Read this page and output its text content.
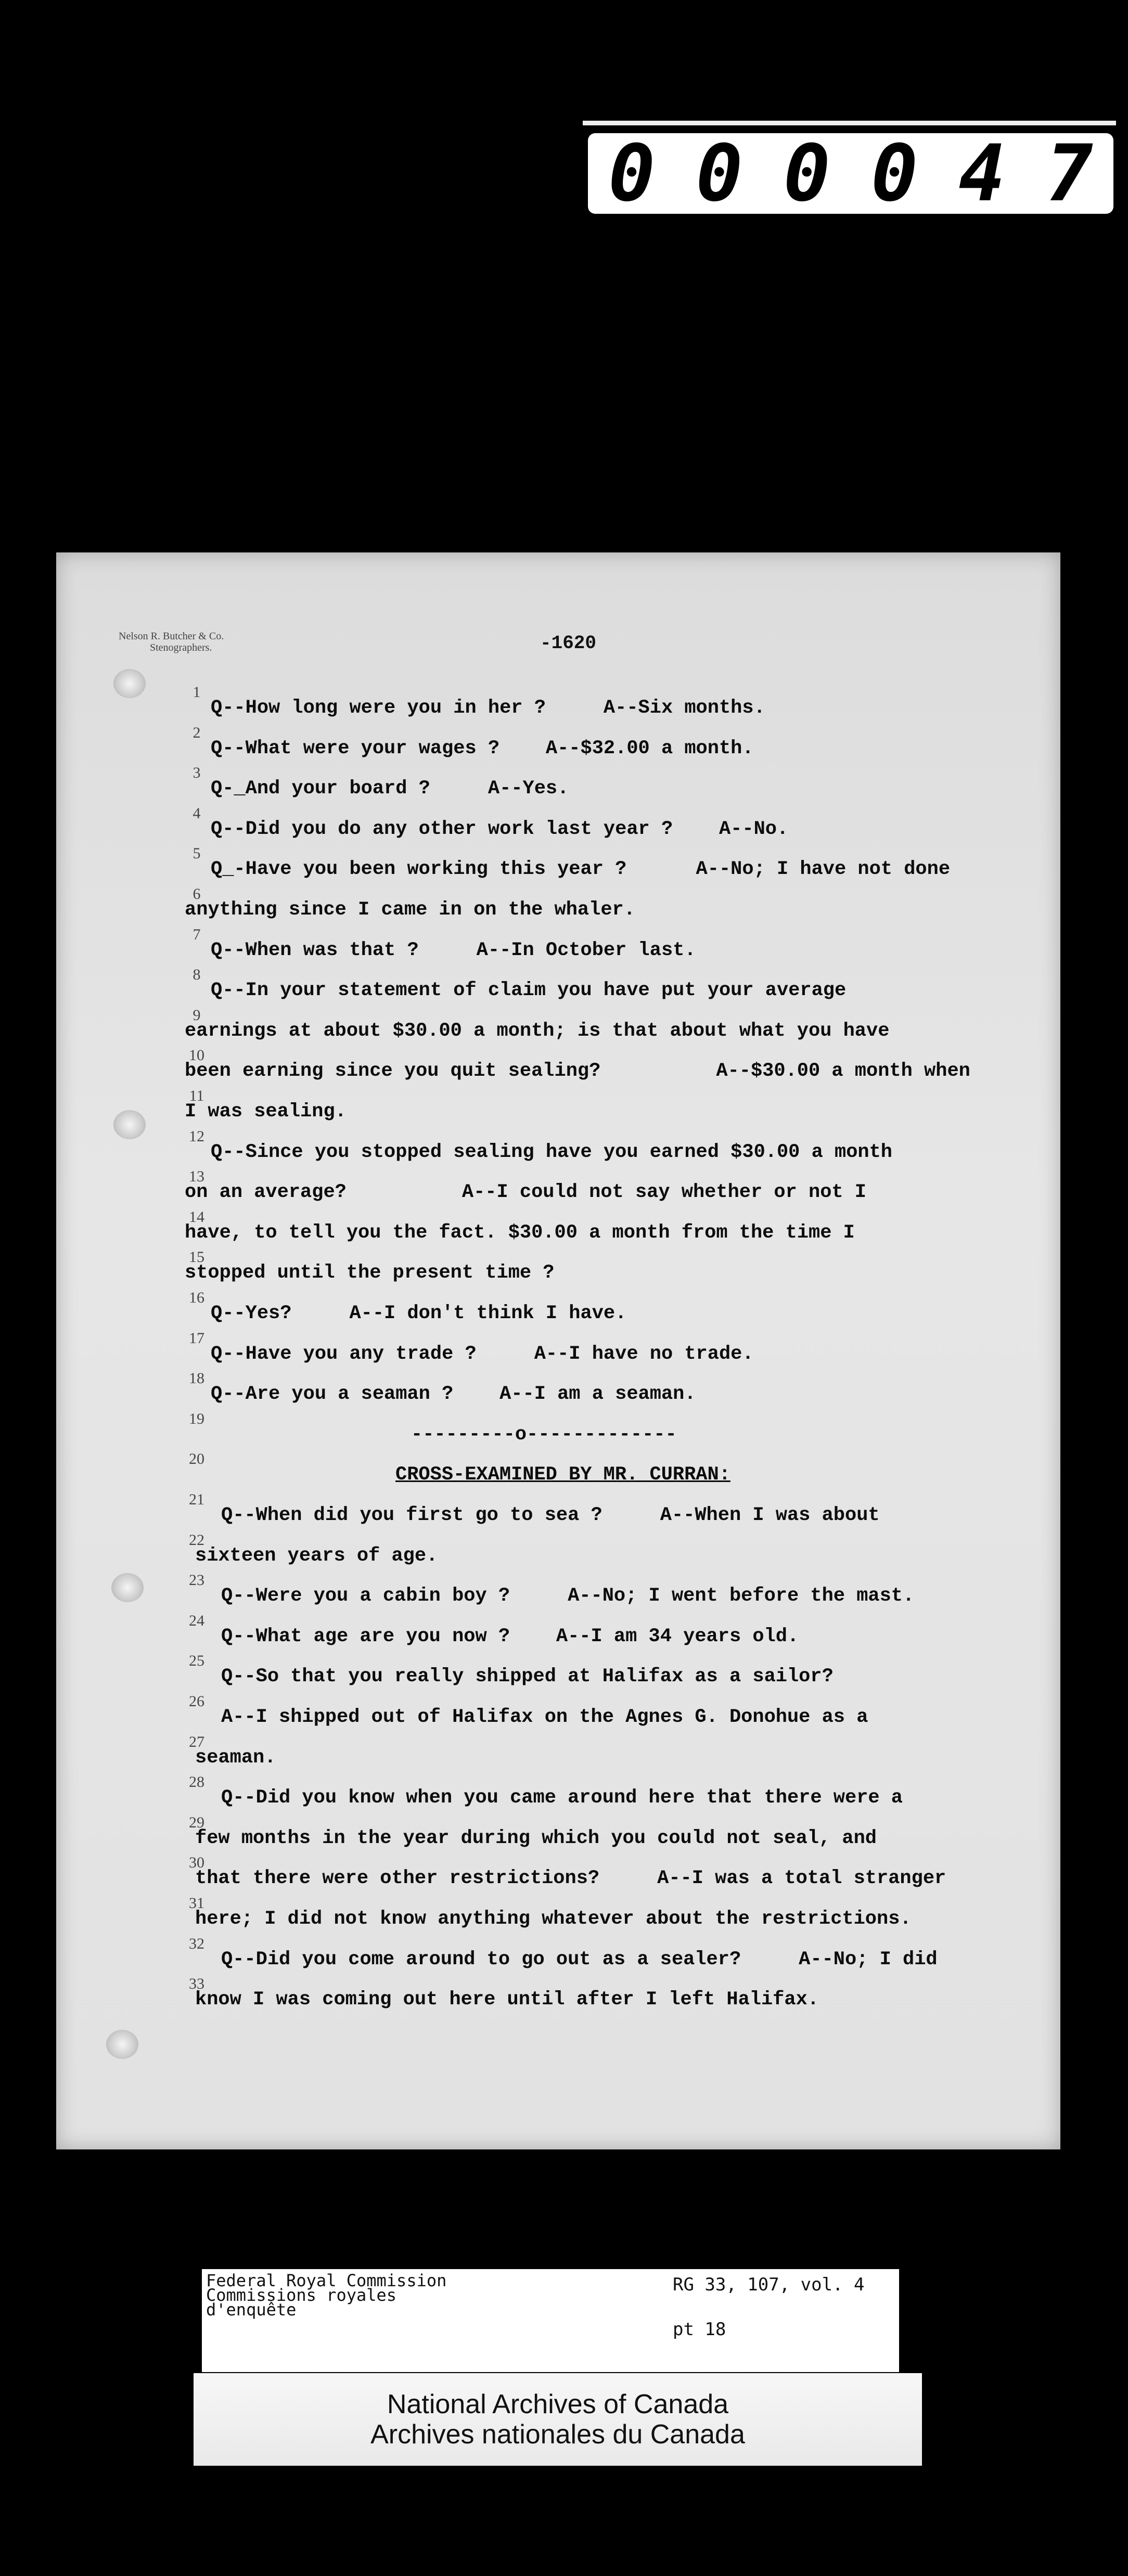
0 0 0 0 4 7
Nelson R. Butcher & Co.
Stenographers.	-1620
1
2
3
4
5
6
7
8
9
10
11
12
13
14
15
16
17
18
19
20
21
22
23
24
25
26
27
28
29
30
31
32
33
Q--How long were you in her ?     A--Six months.
Q--What were your wages ?    A--$32.00 a month.
Q-_And your board ?     A--Yes.
Q--Did you do any other work last year ?    A--No.
Q_-Have you been working this year ?      A--No; I have not done
anything since I came in on the whaler.
Q--When was that ?     A--In October last.
Q--In your statement of claim you have put your average
earnings at about $30.00 a month; is that about what you have
been earning since you quit sealing?          A--$30.00 a month when
I was sealing.
Q--Since you stopped sealing have you earned $30.00 a month
on an average?          A--I could not say whether or not I
have, to tell you the fact. $30.00 a month from the time I
stopped until the present time ?
Q--Yes?     A--I don't think I have.
Q--Have you any trade ?     A--I have no trade.
Q--Are you a seaman ?    A--I am a seaman.
---------o-------------
CROSS-EXAMINED BY MR. CURRAN:
Q--When did you first go to sea ?     A--When I was about
sixteen years of age.
Q--Were you a cabin boy ?     A--No; I went before the mast.
Q--What age are you now ?    A--I am 34 years old.
Q--So that you really shipped at Halifax as a sailor?
A--I shipped out of Halifax on the Agnes G. Donohue as a
seaman.
Q--Did you know when you came around here that there were a
few months in the year during which you could not seal, and
that there were other restrictions?     A--I was a total stranger
here; I did not know anything whatever about the restrictions.
Q--Did you come around to go out as a sealer?     A--No; I did
know I was coming out here until after I left Halifax.
Federal Royal Commission
Commissions royales
d'enquête
RG 33, 107, vol. 4
pt 18
National Archives of Canada
Archives nationales du Canada
